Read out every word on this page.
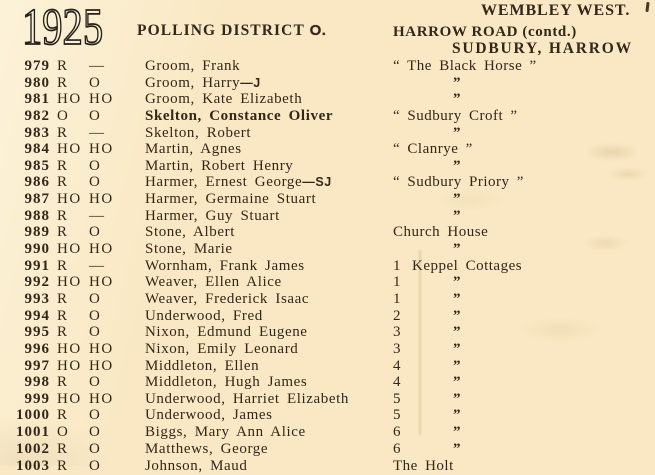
1925 POLLING DISTRICT O.
WEMBLEY WEST.
HARROW ROAD (contd.)
SUDBURY, HARROW
979 R —	Groom, Frank	“ The Black Horse ”
980 R O	Groom, Harry—J	”
981 HO HO Groom, Kate Elizabeth	”
982 O O	Skelton, Constance Oliver	“ Sudbury Croft ”
983 R —	Skelton, Robert	”
984 HO HO Martin, Agnes	“ Clanrye ”
985 R O	Martin, Robert Henry	”
986 R O	Harmer, Ernest George—SJ	“ Sudbury Priory ”
987 HO HO Harmer, Germaine Stuart	”
988 R —	Harmer, Guy Stuart	”
989 R O	Stone, Albert	Church House
990 HO HO Stone, Marie	”
991 R —	Wornham, Frank James	1 Keppel Cottages
992 HO HO Weaver, Ellen Alice	1	”
993 R O	Weaver, Frederick Isaac	1	”
994 R O	Underwood, Fred	2	”
995 R O	Nixon, Edmund Eugene	3	”
996 HO HO Nixon, Emily Leonard	3	”
997 HO HO Middleton, Ellen	4	”
998 R O	Middleton, Hugh James	4	”
999 HO HO Underwood, Harriet Elizabeth	5	”
1000 R O	Underwood, James	5	”
1001 O O	Biggs, Mary Ann Alice	6	”
1002 R O	Matthews, George	6	”
1003 R O	Johnson, Maud	The Holt
